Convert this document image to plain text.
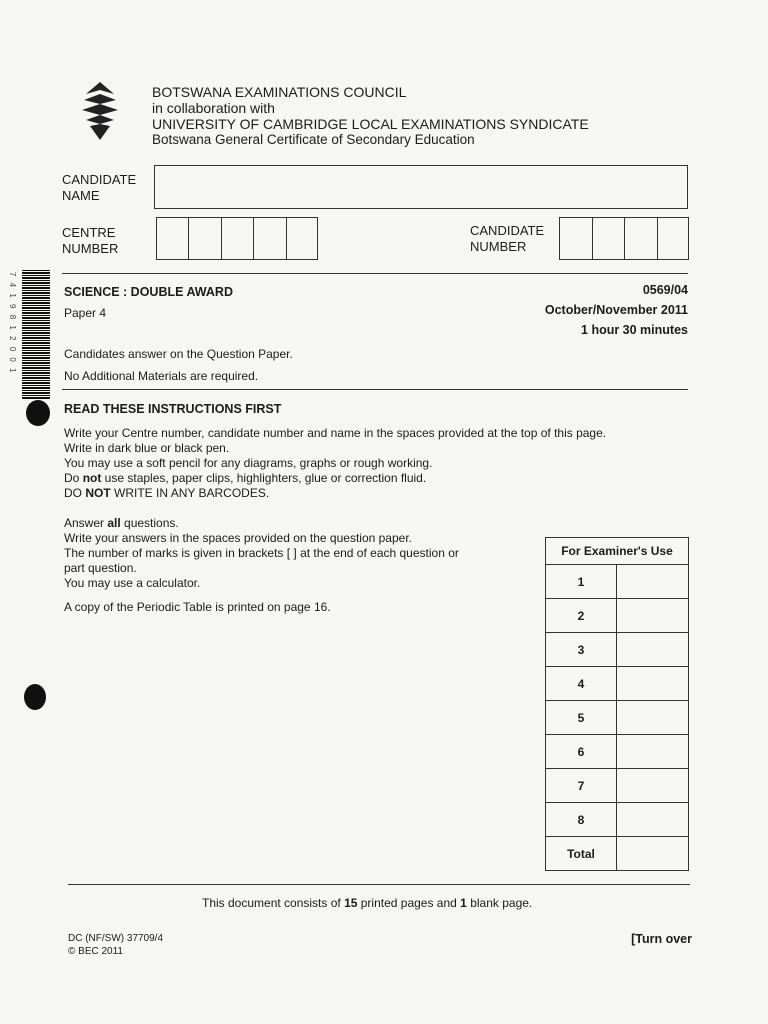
BOTSWANA EXAMINATIONS COUNCIL
in collaboration with
UNIVERSITY OF CAMBRIDGE LOCAL EXAMINATIONS SYNDICATE
Botswana General Certificate of Secondary Education
CANDIDATE
NAME
CENTRE
NUMBER
CANDIDATE
NUMBER
7 4 1 9 8 1 2 0 0 1	SCIENCE : DOUBLE AWARD
Paper 4
0569/04
October/November 2011
1 hour 30 minutes
Candidates answer on the Question Paper.
No Additional Materials are required.
READ THESE INSTRUCTIONS FIRST
Write your Centre number, candidate number and name in the spaces provided at the top of this page.
Write in dark blue or black pen.
You may use a soft pencil for any diagrams, graphs or rough working.
Do not use staples, paper clips, highlighters, glue or correction fluid.
DO NOT WRITE IN ANY BARCODES.
Answer all questions.
Write your answers in the spaces provided on the question paper.
The number of marks is given in brackets [ ] at the end of each question or
part question.
You may use a calculator.
A copy of the Periodic Table is printed on page 16.
For Examiner's Use	
1	
2	
3	
4	
5	
6	
7	
8	
Total	
This document consists of 15 printed pages and 1 blank page.
DC (NF/SW) 37709/4
© BEC 2011
[Turn over
